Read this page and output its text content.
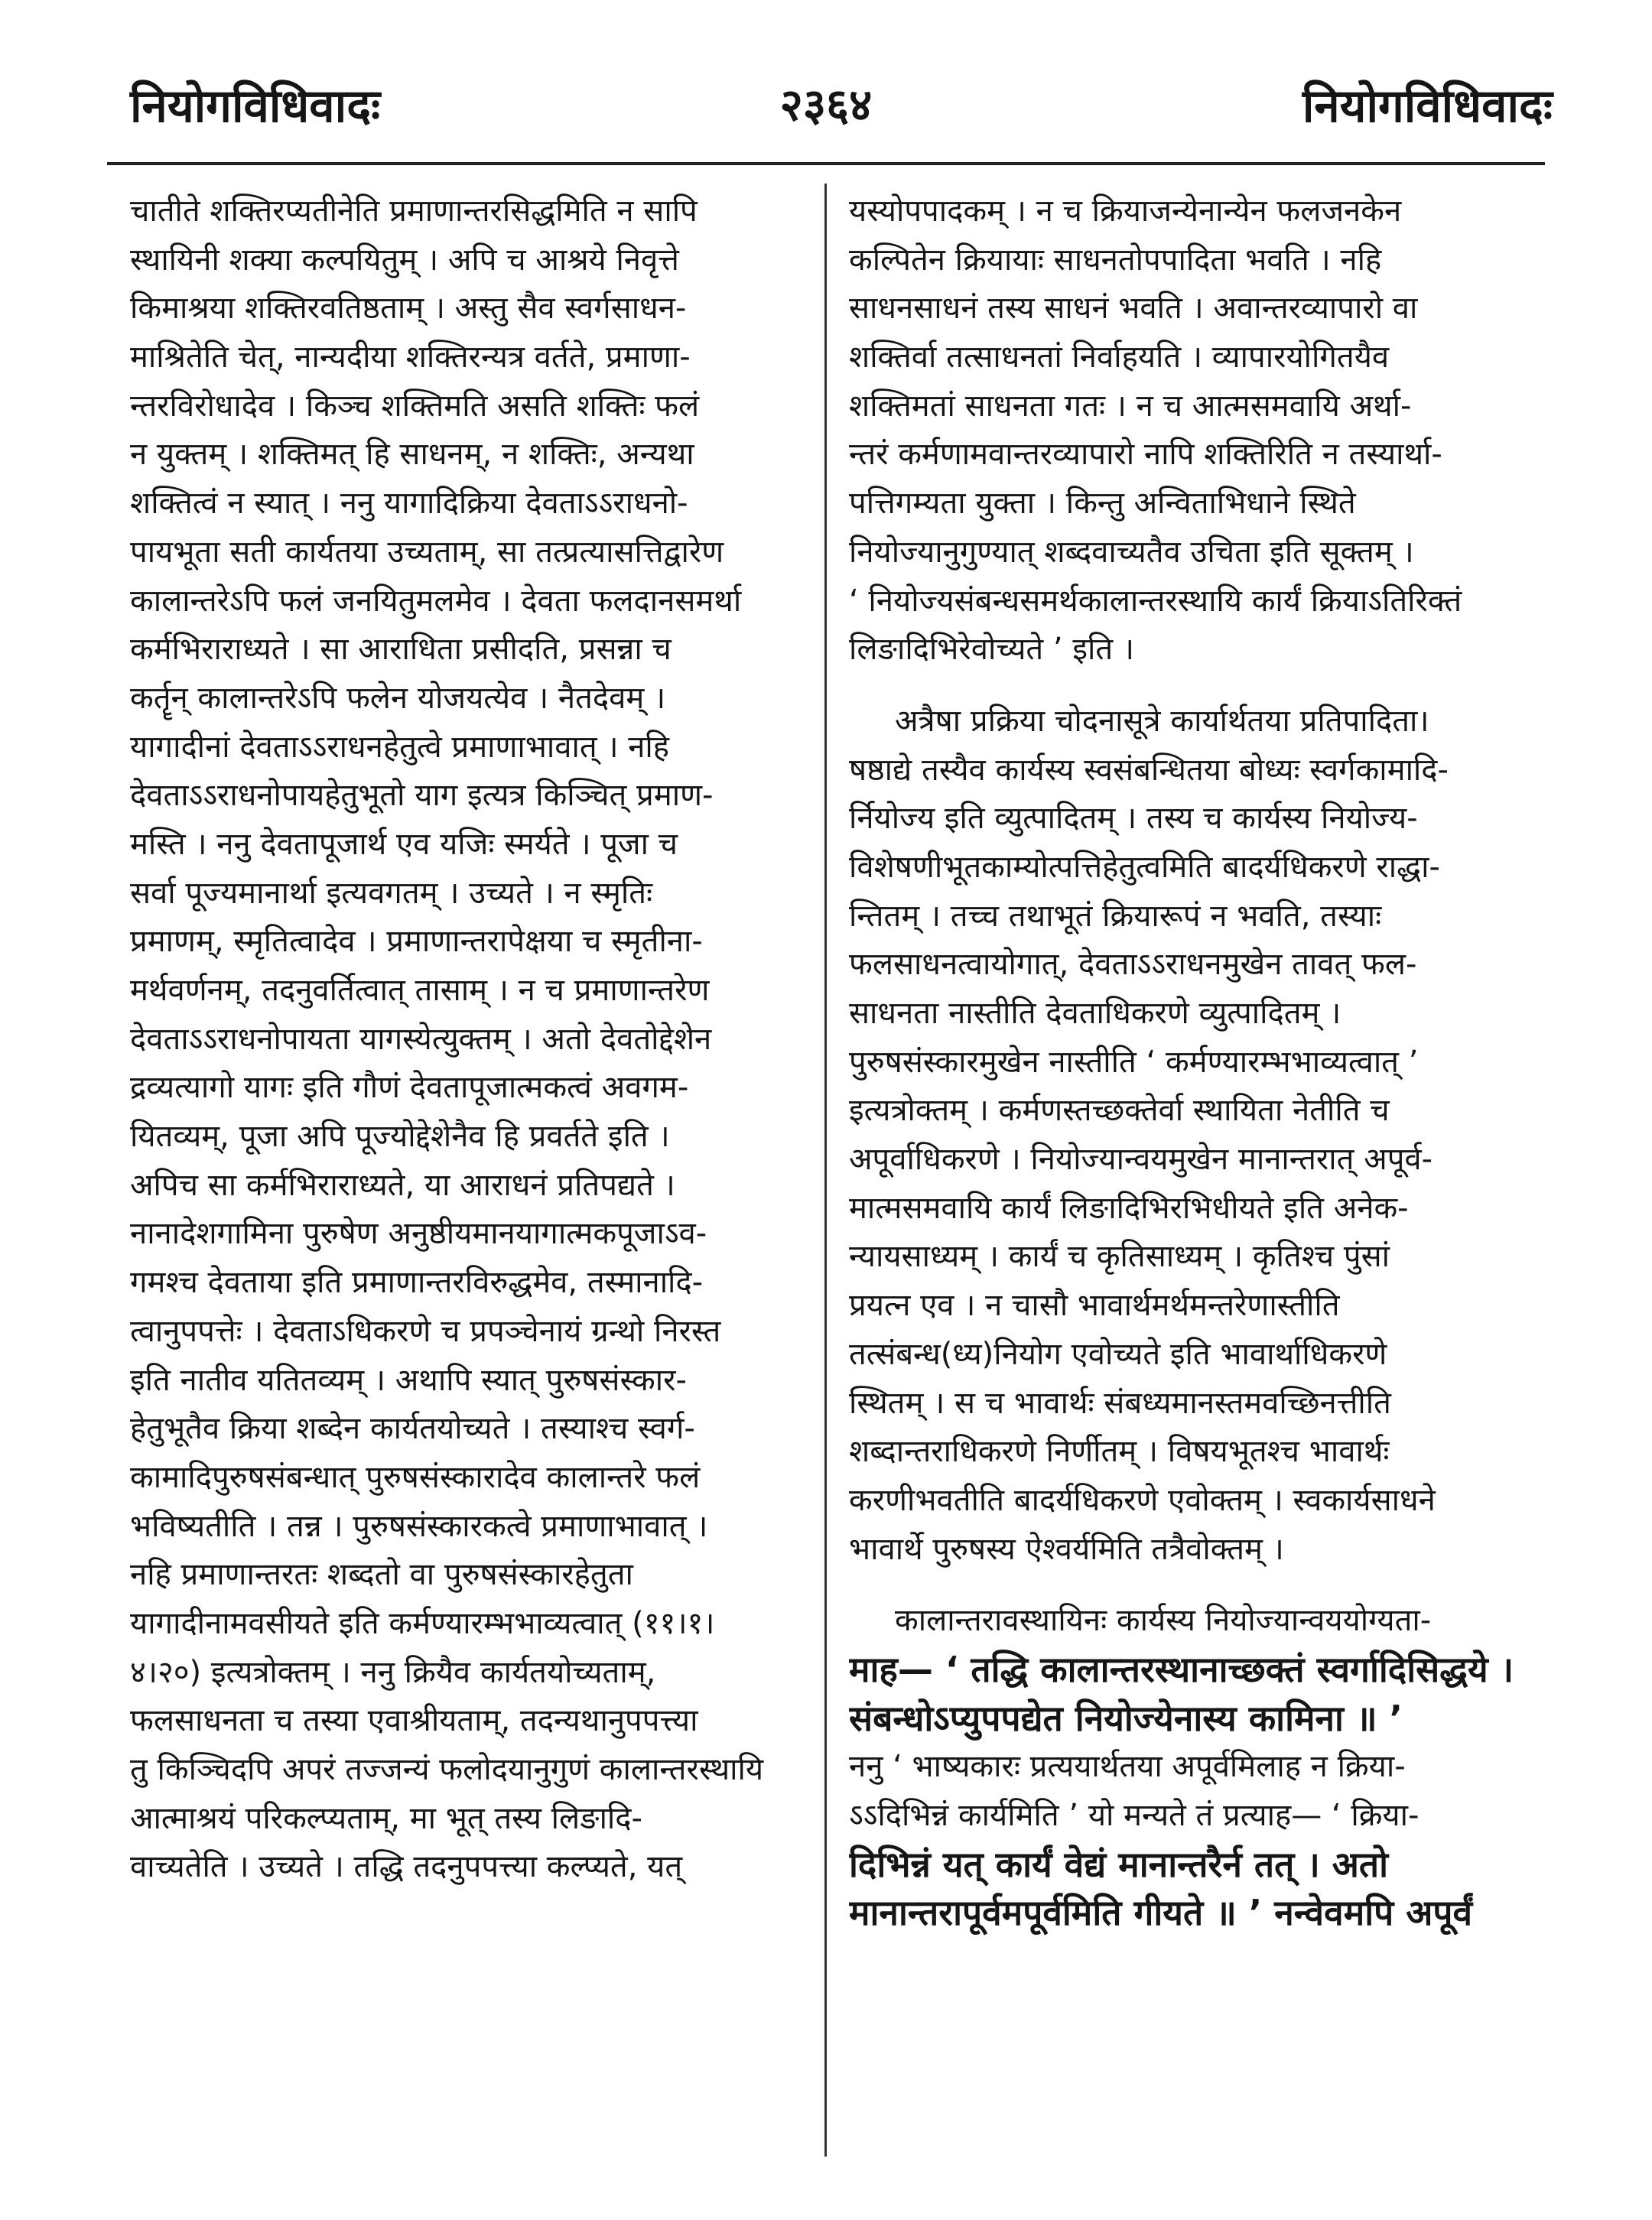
नियोगविधिवादः	२३६४	नियोगविधिवादः
चातीते शक्तिरप्यतीनेति प्रमाणान्तरसिद्धमिति न सापि
स्थायिनी शक्या कल्पयितुम् । अपि च आश्रये निवृत्ते
किमाश्रया शक्तिरवतिष्ठताम् । अस्तु सैव स्वर्गसाधन-
माश्रितेति चेत्, नान्यदीया शक्तिरन्यत्र वर्तते, प्रमाणा-
न्तरविरोधादेव । किञ्च शक्तिमति असति शक्तिः फलं
न युक्तम् । शक्तिमत् हि साधनम्, न शक्तिः, अन्यथा
शक्तित्वं न स्यात् । ननु यागादिक्रिया देवताऽऽराधनो-
पायभूता सती कार्यतया उच्यताम्, सा तत्प्रत्यासत्तिद्वारेण
कालान्तरेऽपि फलं जनयितुमलमेव । देवता फलदानसमर्था
कर्मभिराराध्यते । सा आराधिता प्रसीदति, प्रसन्ना च
कर्तॄन् कालान्तरेऽपि फलेन योजयत्येव । नैतदेवम् ।
यागादीनां देवताऽऽराधनहेतुत्वे प्रमाणाभावात् । नहि
देवताऽऽराधनोपायहेतुभूतो याग इत्यत्र किञ्चित् प्रमाण-
मस्ति । ननु देवतापूजार्थ एव यजिः स्मर्यते । पूजा च
सर्वा पूज्यमानार्था इत्यवगतम् । उच्यते । न स्मृतिः
प्रमाणम्, स्मृतित्वादेव । प्रमाणान्तरापेक्षया च स्मृतीना-
मर्थवर्णनम्, तदनुवर्तित्वात् तासाम् । न च प्रमाणान्तरेण
देवताऽऽराधनोपायता यागस्येत्युक्तम् । अतो देवतोद्देशेन
द्रव्यत्यागो यागः इति गौणं देवतापूजात्मकत्वं अवगम-
यितव्यम्, पूजा अपि पूज्योद्देशेनैव हि प्रवर्तते इति ।
अपिच सा कर्मभिराराध्यते, या आराधनं प्रतिपद्यते ।
नानादेशगामिना पुरुषेण अनुष्ठीयमानयागात्मकपूजाऽव-
गमश्च देवताया इति प्रमाणान्तरविरुद्धमेव, तस्मानादि-
त्वानुपपत्तेः । देवताऽधिकरणे च प्रपञ्चेनायं ग्रन्थो निरस्त
इति नातीव यतितव्यम् । अथापि स्यात् पुरुषसंस्कार-
हेतुभूतैव क्रिया शब्देन कार्यतयोच्यते । तस्याश्च स्वर्ग-
कामादिपुरुषसंबन्धात् पुरुषसंस्कारादेव कालान्तरे फलं
भविष्यतीति । तन्न । पुरुषसंस्कारकत्वे प्रमाणाभावात् ।
नहि प्रमाणान्तरतः शब्दतो वा पुरुषसंस्कारहेतुता
यागादीनामवसीयते इति कर्मण्यारम्भभाव्यत्वात् (११।१।
४।२०) इत्यत्रोक्तम् । ननु क्रियैव कार्यतयोच्यताम्,
फलसाधनता च तस्या एवाश्रीयताम्, तदन्यथानुपपत्त्या
तु किञ्चिदपि अपरं तज्जन्यं फलोदयानुगुणं कालान्तरस्थायि
आत्माश्रयं परिकल्प्यताम्, मा भूत् तस्य लिङादि-
वाच्यतेति । उच्यते । तद्धि तदनुपपत्त्या कल्प्यते, यत्
यस्योपपादकम् । न च क्रियाजन्येनान्येन फलजनकेन
कल्पितेन क्रियायाः साधनतोपपादिता भवति । नहि
साधनसाधनं तस्य साधनं भवति । अवान्तरव्यापारो वा
शक्तिर्वा तत्साधनतां निर्वाहयति । व्यापारयोगितयैव
शक्तिमतां साधनता गतः । न च आत्मसमवायि अर्था-
न्तरं कर्मणामवान्तरव्यापारो नापि शक्तिरिति न तस्यार्था-
पत्तिगम्यता युक्ता । किन्तु अन्विताभिधाने स्थिते
नियोज्यानुगुण्यात् शब्दवाच्यतैव उचिता इति सूक्तम् ।
‘ नियोज्यसंबन्धसमर्थकालान्तरस्थायि कार्यं क्रियाऽतिरिक्तं
लिङादिभिरेवोच्यते ’ इति ।
अत्रैषा प्रक्रिया चोदनासूत्रे कार्यार्थतया प्रतिपादिता।
षष्ठाद्ये तस्यैव कार्यस्य स्वसंबन्धितया बोध्यः स्वर्गकामादि-
र्नियोज्य इति व्युत्पादितम् । तस्य च कार्यस्य नियोज्य-
विशेषणीभूतकाम्योत्पत्तिहेतुत्वमिति बादर्यधिकरणे राद्धा-
न्तितम् । तच्च तथाभूतं क्रियारूपं न भवति, तस्याः
फलसाधनत्वायोगात्, देवताऽऽराधनमुखेन तावत् फल-
साधनता नास्तीति देवताधिकरणे व्युत्पादितम् ।
पुरुषसंस्कारमुखेन नास्तीति ‘ कर्मण्यारम्भभाव्यत्वात् ’
इत्यत्रोक्तम् । कर्मणस्तच्छक्तेर्वा स्थायिता नेतीति च
अपूर्वाधिकरणे । नियोज्यान्वयमुखेन मानान्तरात् अपूर्व-
मात्मसमवायि कार्यं लिङादिभिरभिधीयते इति अनेक-
न्यायसाध्यम् । कार्यं च कृतिसाध्यम् । कृतिश्च पुंसां
प्रयत्न एव । न चासौ भावार्थमर्थमन्तरेणास्तीति
तत्संबन्ध(ध्य)नियोग एवोच्यते इति भावार्थाधिकरणे
स्थितम् । स च भावार्थः संबध्यमानस्तमवच्छिनत्तीति
शब्दान्तराधिकरणे निर्णीतम् । विषयभूतश्च भावार्थः
करणीभवतीति बादर्यधिकरणे एवोक्तम् । स्वकार्यसाधने
भावार्थे पुरुषस्य ऐश्वर्यमिति तत्रैवोक्तम् ।
कालान्तरावस्थायिनः कार्यस्य नियोज्यान्वययोग्यता-
माह— ‘ तद्धि कालान्तरस्थानाच्छक्तं स्वर्गादिसिद्धये ।
संबन्धोऽप्युपपद्येत नियोज्येनास्य कामिना ॥ ’
ननु ‘ भाष्यकारः प्रत्ययार्थतया अपूर्वमिलाह न क्रिया-
ऽऽदिभिन्नं कार्यमिति ’ यो मन्यते तं प्रत्याह— ‘ क्रिया-
दिभिन्नं यत् कार्यं वेद्यं मानान्तरैर्न तत् । अतो
मानान्तरापूर्वमपूर्वमिति गीयते ॥ ’ नन्वेवमपि अपूर्वं
